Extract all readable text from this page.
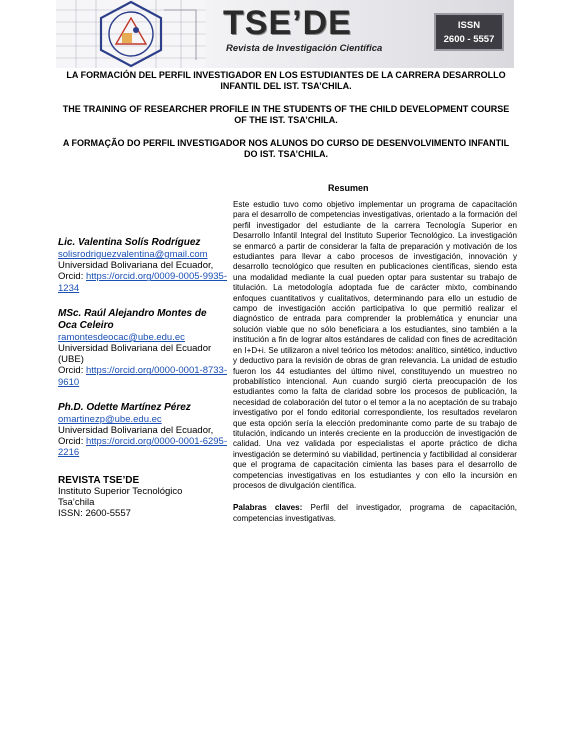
TSE’DE
Revista de Investigación Científica
ISSN
2600 - 5557

LA FORMACIÓN DEL PERFIL INVESTIGADOR EN LOS ESTUDIANTES DE LA CARRERA DESARROLLO INFANTIL DEL IST. TSA’CHILA.

THE TRAINING OF RESEARCHER PROFILE IN THE STUDENTS OF THE CHILD DEVELOPMENT COURSE OF THE IST. TSA’CHILA.

A FORMAÇÃO DO PERFIL INVESTIGADOR NOS ALUNOS DO CURSO DE DESENVOLVIMENTO INFANTIL DO IST. TSA’CHILA.

Resumen
Lic. Valentina Solís Rodríguez
solisrodriguezvalentina@gmail.com
Universidad Bolivariana del Ecuador,
Orcid: https://orcid.org/0009-0005-9935-1234
MSc. Raúl Alejandro Montes de Oca Celeiro
ramontesdeocac@ube.edu.ec
Universidad Bolivariana del Ecuador (UBE)
Orcid: https://orcid.org/0000-0001-8733-9610
Ph.D. Odette Martínez Pérez
omartinezp@ube.edu.ec
Universidad Bolivariana del Ecuador,
Orcid: https://orcid.org/0000-0001-6295-2216
REVISTA TSE’DE
Instituto Superior Tecnológico
Tsa’chila
ISSN: 2600-5557

Este estudio tuvo como objetivo implementar un programa de capacitación para el desarrollo de competencias investigativas, orientado a la formación del perfil investigador del estudiante de la carrera Tecnología Superior en Desarrollo Infantil Integral del Instituto Superior Tecnológico. La investigación se enmarcó a partir de considerar la falta de preparación y motivación de los estudiantes para llevar a cabo procesos de investigación, innovación y desarrollo tecnológico que resulten en publicaciones científicas, siendo esta una modalidad mediante la cual pueden optar para sustentar su trabajo de titulación. La metodología adoptada fue de carácter mixto, combinando enfoques cuantitativos y cualitativos, determinando para ello un estudio de campo de investigación acción participativa lo que permitió realizar el diagnóstico de entrada para comprender la problemática y enunciar una solución viable que no sólo beneficiara a los estudiantes, sino también a la institución a fin de lograr altos estándares de calidad con fines de acreditación en I+D+i. Se utilizaron a nivel teórico los métodos: analítico, sintético, inductivo y deductivo para la revisión de obras de gran relevancia. La unidad de estudio fueron los 44 estudiantes del último nivel, constituyendo un muestreo no probabilístico intencional. Aun cuando surgió cierta preocupación de los estudiantes como la falta de claridad sobre los procesos de publicación, la necesidad de colaboración del tutor o el temor a la no aceptación de su trabajo investigativo por el fondo editorial correspondiente, los resultados revelaron que esta opción sería la elección predominante como parte de su trabajo de titulación, indicando un interés creciente en la producción de investigación de calidad. Una vez validada por especialistas el aporte práctico de dicha investigación se determinó su viabilidad, pertinencia y factibilidad al considerar que el programa de capacitación cimienta las bases para el desarrollo de competencias investigativas en los estudiantes y con ello la incursión en procesos de divulgación científica.

Palabras claves: Perfil del investigador, programa de capacitación, competencias investigativas.
